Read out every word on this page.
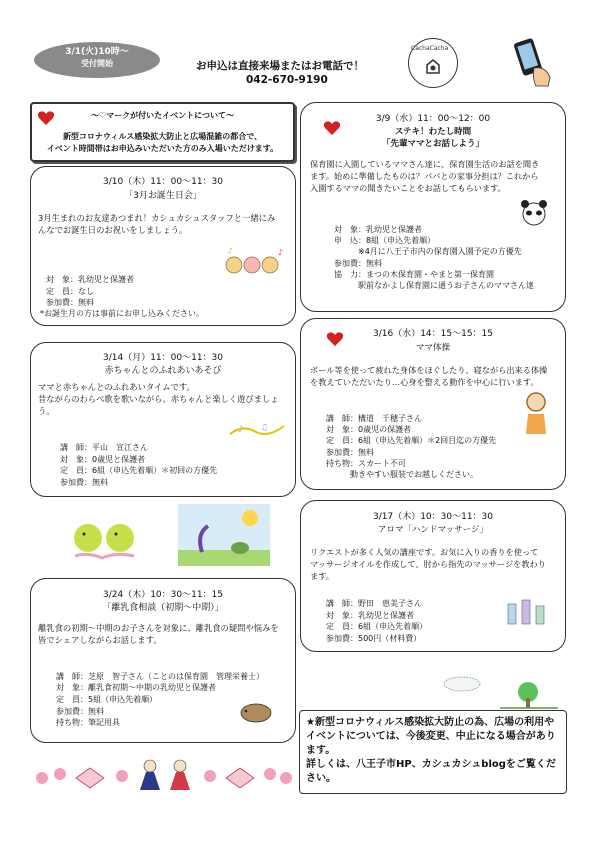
3/1(火)10時～
受付開始	お申込は直接来場またはお電話で！
042-670-9190
CachaCacha
～♡マークが付いたイベントについて～
新型コロナウィルス感染拡大防止と広場混雑の都合で、
イベント時間帯はお申込みいただいた方のみ入場いただけます。
3/10（木）11：00～11：30
「3月お誕生日会」
3月生まれのお友達あつまれ！カシュカシュスタッフと一緒にみ
んなでお誕生日のお祝いをしましょう。
♪
♪
対　象：乳幼児と保護者
定　員：なし
参加費：無料
*お誕生月の方は事前にお申し込みください。
3/14（月）11：00～11：30
赤ちゃんとのふれあいあそび
ママと赤ちゃんとのふれあいタイムです。
昔ながらのわらべ歌を歌いながら、赤ちゃんと楽しく遊びましょ
う。
♪ ♫
講　師：平山　宣江さん
対　象：0歳児と保護者
定　員：6組（申込先着順）＊初回の方優先
参加費：無料
3/24（木）10：30～11：15
「離乳食相談（初期～中期）」
離乳食の初期～中期のお子さんを対象に、離乳食の疑問や悩みを
皆でシェアしながらお話します。
講　師：芝原　智子さん（ことのは保育園　管理栄養士）
対　象：離乳食初期～中期の乳幼児と保護者
定　員：5組（申込先着順）
参加費：無料
持ち物：筆記用具
3/9（水）11：00～12：00
ステキ！わたし時間
「先輩ママとお話しよう」
保育園に入園しているママさん達に、保育園生活のお話を聞き
ます。始めに準備したものは？パパとの家事分担は？これから
入園するママの聞きたいことをお話してもらいます。
対　象：乳幼児と保護者
申　込：8組（申込先着順）
　　　※4月に八王子市内の保育園入園予定の方優先
参加費：無料
協　力：まつの木保育園・やまと第一保育園
　　　駅前なかよし保育園に通うお子さんのママさん達
3/16（水）14：15～15：15
ママ体操
ボール等を使って疲れた身体をほぐしたり、寝ながら出来る体操
を教えていただいたり…心身を整える動作を中心に行います。
講　師：構道　千穂子さん
対　象：0歳児の保護者
定　員：6組（申込先着順）＊2回目迄の方優先
参加費：無料
持ち物：スカート不可
　　　動きやすい服装でお越しください。
3/17（木）10：30～11：30
アロマ「ハンドマッサージ」
リクエストが多く人気の講座です。お気に入りの香りを使って
マッサージオイルを作成して、肘から指先のマッサージを教わり
ます。
講　師：野田　恵美子さん
対　象：乳幼児と保護者
定　員：6組（申込先着順）
参加費：500円（材料費）
★新型コロナウィルス感染拡大防止の為、広場の利用や
イベントについては、今後変更、中止になる場合があり
ます。
詳しくは、八王子市HP、カシュカシュblogをご覧くだ
さい。
